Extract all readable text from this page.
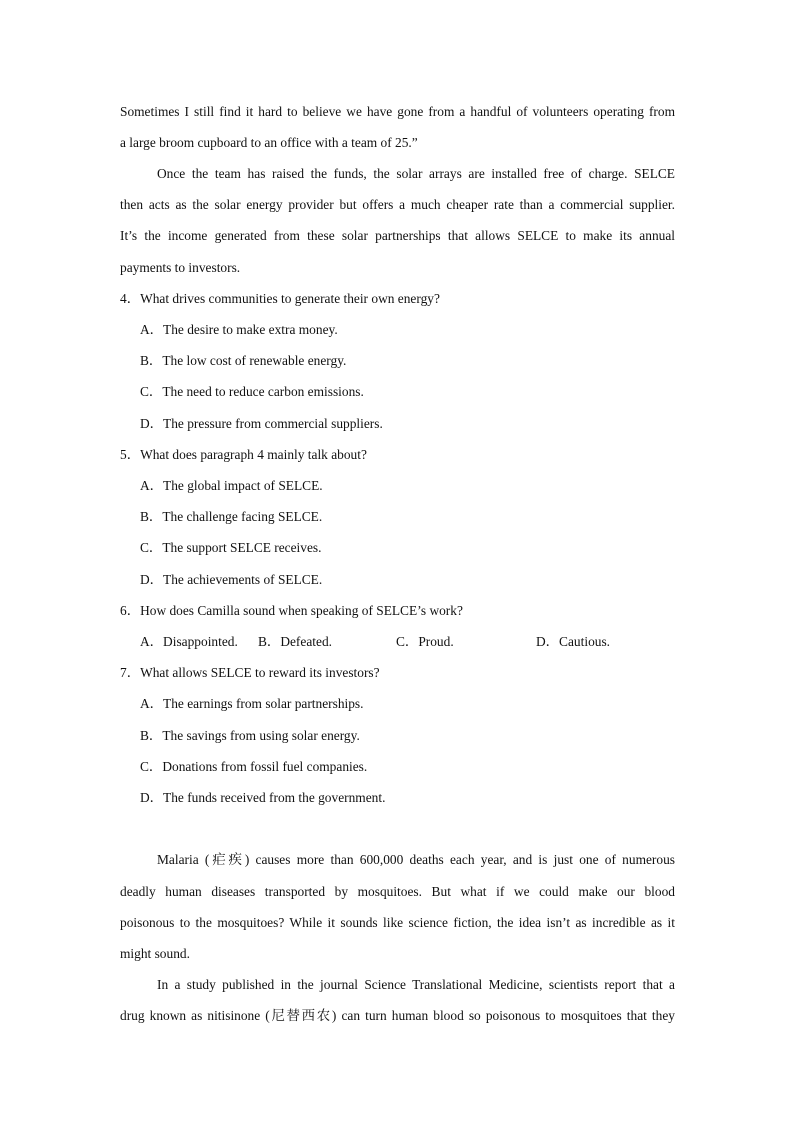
Sometimes I still find it hard to believe we have gone from a handful of volunteers operating from
a large broom cupboard to an office with a team of 25.”
Once the team has raised the funds, the solar arrays are installed free of charge. SELCE
then acts as the solar energy provider but offers a much cheaper rate than a commercial supplier.
It’s the income generated from these solar partnerships that allows SELCE to make its annual
payments to investors.
4．What drives communities to generate their own energy?
A．The desire to make extra money.
B．The low cost of renewable energy.
C．The need to reduce carbon emissions.
D．The pressure from commercial suppliers.
5．What does paragraph 4 mainly talk about?
A．The global impact of SELCE.
B．The challenge facing SELCE.
C．The support SELCE receives.
D．The achievements of SELCE.
6．How does Camilla sound when speaking of SELCE’s work?
A．Disappointed. B．Defeated.	C．Proud.	D．Cautious.
7．What allows SELCE to reward its investors?
A．The earnings from solar partnerships.
B．The savings from using solar energy.
C．Donations from fossil fuel companies.
D．The funds received from the government.
Malaria (疟疾) causes more than 600,000 deaths each year, and is just one of numerous
deadly human diseases transported by mosquitoes. But what if we could make our blood
poisonous to the mosquitoes? While it sounds like science fiction, the idea isn’t as incredible as it
might sound.
In a study published in the journal Science Translational Medicine, scientists report that a
drug known as nitisinone (尼替西农) can turn human blood so poisonous to mosquitoes that they
